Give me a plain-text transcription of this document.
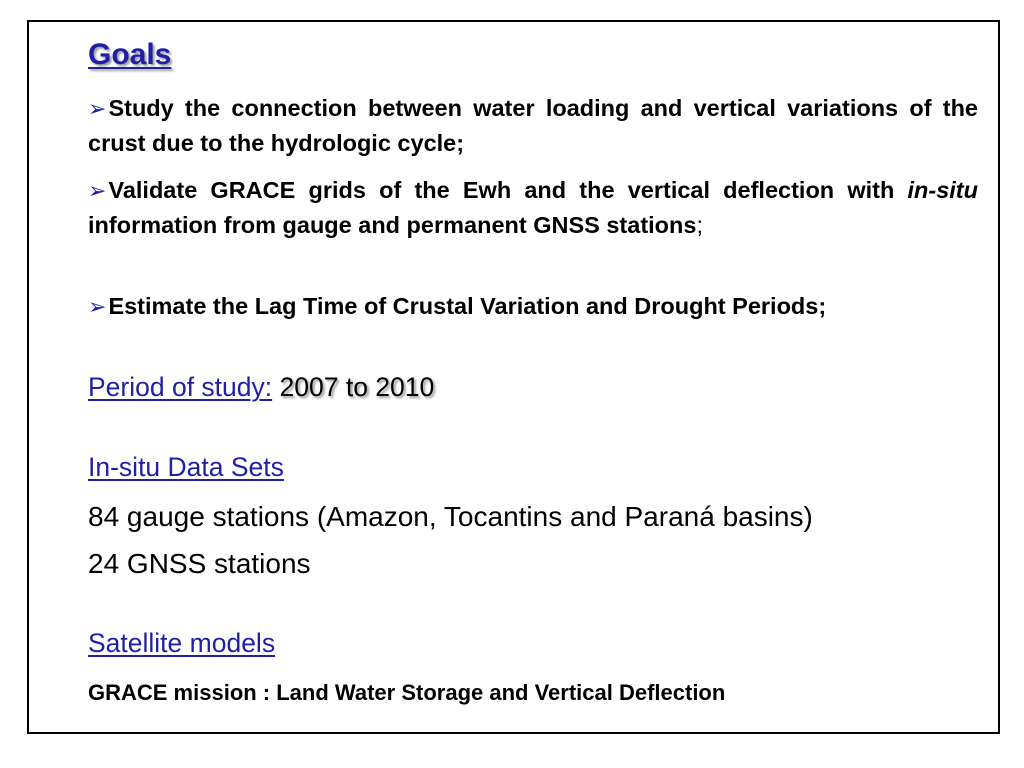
Goals
➢Study the connection between water loading and vertical variations of the crust due to the hydrologic cycle;
➢Validate GRACE grids of the Ewh and the vertical deflection with in-situ information from gauge and permanent GNSS stations;
➢Estimate the Lag Time of Crustal Variation and Drought Periods;
Period of study: 2007 to 2010
In-situ Data Sets
84 gauge stations (Amazon, Tocantins and Paraná basins)
24 GNSS stations
Satellite models
GRACE mission : Land Water Storage and Vertical Deflection
